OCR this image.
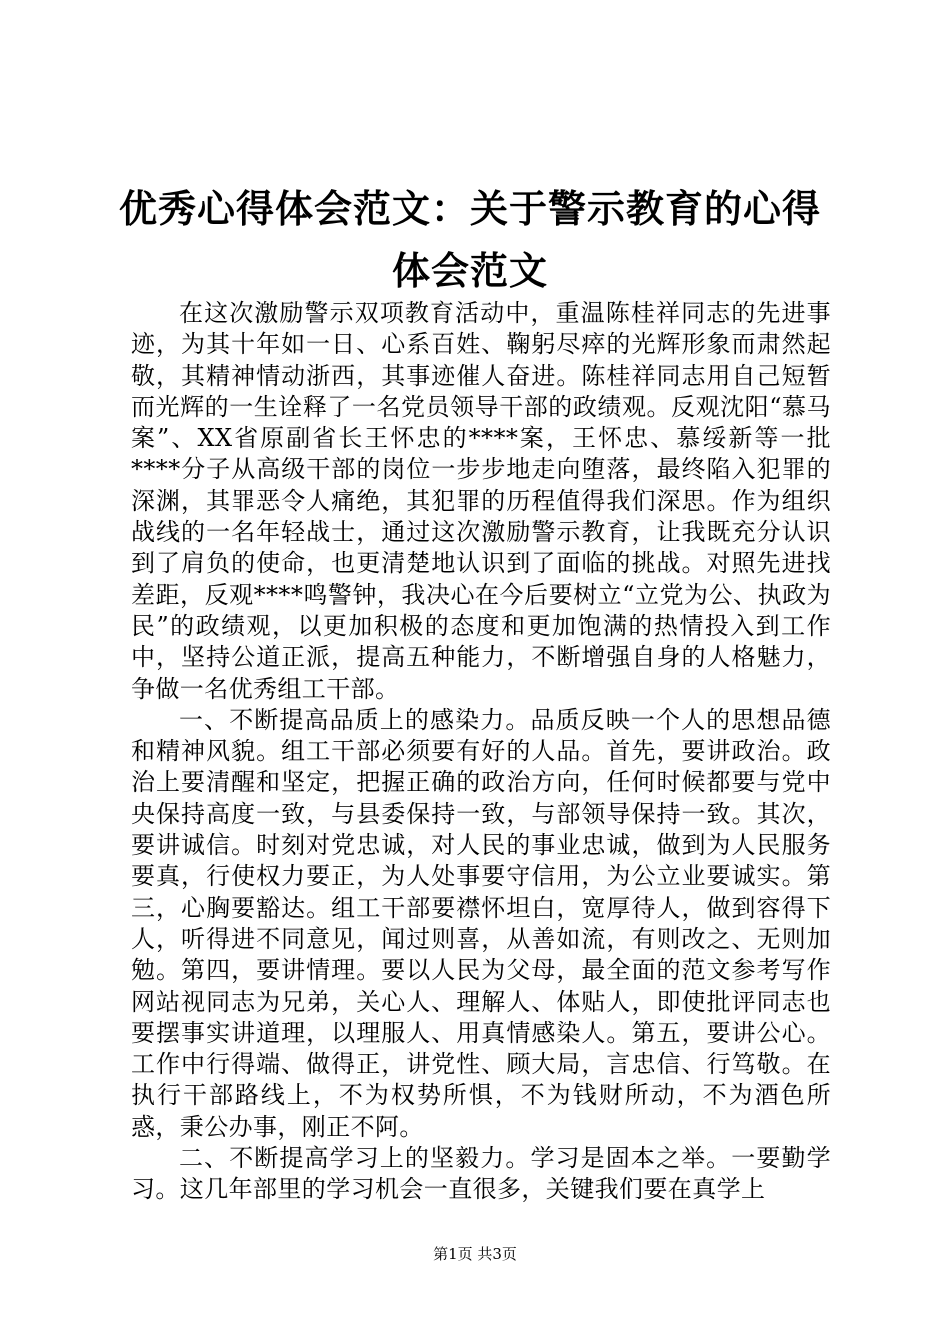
优秀心得体会范文：关于警示教育的心得体会范文

在这次激励警示双项教育活动中，重温陈桂祥同志的先进事迹，为其十年如一日、心系百姓、鞠躬尽瘁的光辉形象而肃然起敬，其精神情动浙西，其事迹催人奋进。陈桂祥同志用自己短暂而光辉的一生诠释了一名党员领导干部的政绩观。反观沈阳“慕马案”、XX省原副省长王怀忠的****案，王怀忠、慕绥新等一批****分子从高级干部的岗位一步步地走向堕落，最终陷入犯罪的深渊，其罪恶令人痛绝，其犯罪的历程值得我们深思。作为组织战线的一名年轻战士，通过这次激励警示教育，让我既充分认识到了肩负的使命，也更清楚地认识到了面临的挑战。对照先进找差距，反观****鸣警钟，我决心在今后要树立“立党为公、执政为民”的政绩观，以更加积极的态度和更加饱满的热情投入到工作中，坚持公道正派，提高五种能力，不断增强自身的人格魅力，争做一名优秀组工干部。

一、不断提高品质上的感染力。品质反映一个人的思想品德和精神风貌。组工干部必须要有好的人品。首先，要讲政治。政治上要清醒和坚定，把握正确的政治方向，任何时候都要与党中央保持高度一致，与县委保持一致，与部领导保持一致。其次，要讲诚信。时刻对党忠诚，对人民的事业忠诚，做到为人民服务要真，行使权力要正，为人处事要守信用，为公立业要诚实。第三，心胸要豁达。组工干部要襟怀坦白，宽厚待人，做到容得下人，听得进不同意见，闻过则喜，从善如流，有则改之、无则加勉。第四，要讲情理。要以人民为父母，最全面的范文参考写作网站视同志为兄弟，关心人、理解人、体贴人，即使批评同志也要摆事实讲道理，以理服人、用真情感染人。第五，要讲公心。工作中行得端、做得正，讲党性、顾大局，言忠信、行笃敬。在执行干部路线上，不为权势所惧，不为钱财所动，不为酒色所惑，秉公办事，刚正不阿。

二、不断提高学习上的坚毅力。学习是固本之举。一要勤学习。这几年部里的学习机会一直很多，关键我们要在真学上

第1页 共3页
